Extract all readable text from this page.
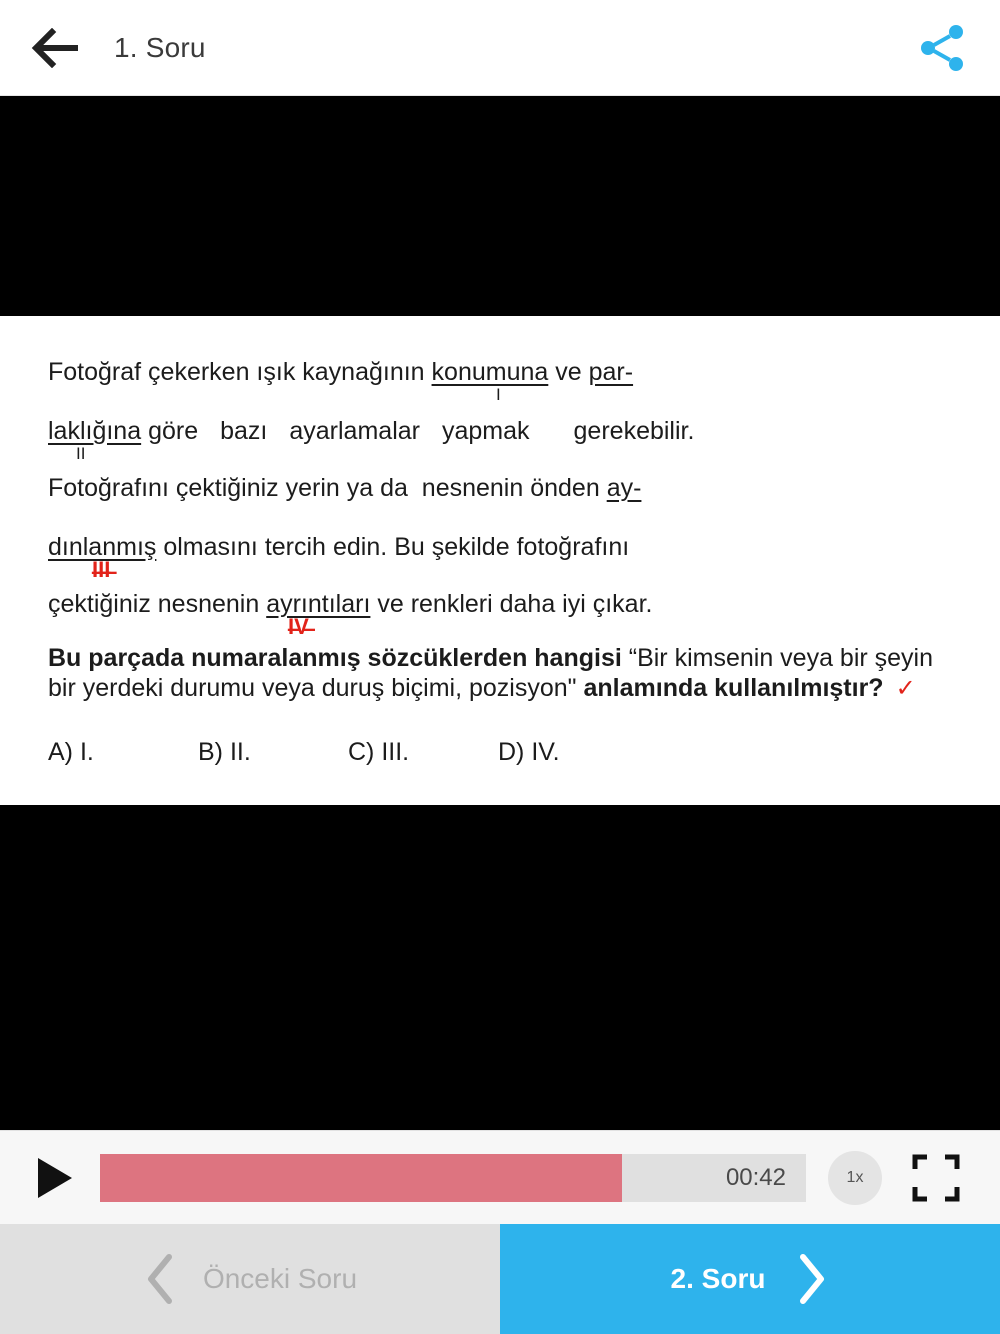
1. Soru
Fotoğraf çekerken ışık kaynağının konumuna ve par-
I
laklığına göre bazı ayarlamalar yapmak gerekebilir.
II
Fotoğrafını çektiğiniz yerin ya da  nesnenin önden ay-
dınlanmış olmasını tercih edin. Bu şekilde fotoğrafını
I̶I̶I̶
çektiğiniz nesnenin ayrıntıları ve renkleri daha iyi çıkar.
I̶V̶
Bu parçada numaralanmış sözcüklerden hangisi “Bir kimsenin veya bir şeyin bir yerdeki durumu veya duruş biçimi, pozisyon" anlamında kullanılmıştır? ✓
A) I.	B) II.	C) III.	D) IV.
00:42	1x
Önceki Soru	2. Soru
